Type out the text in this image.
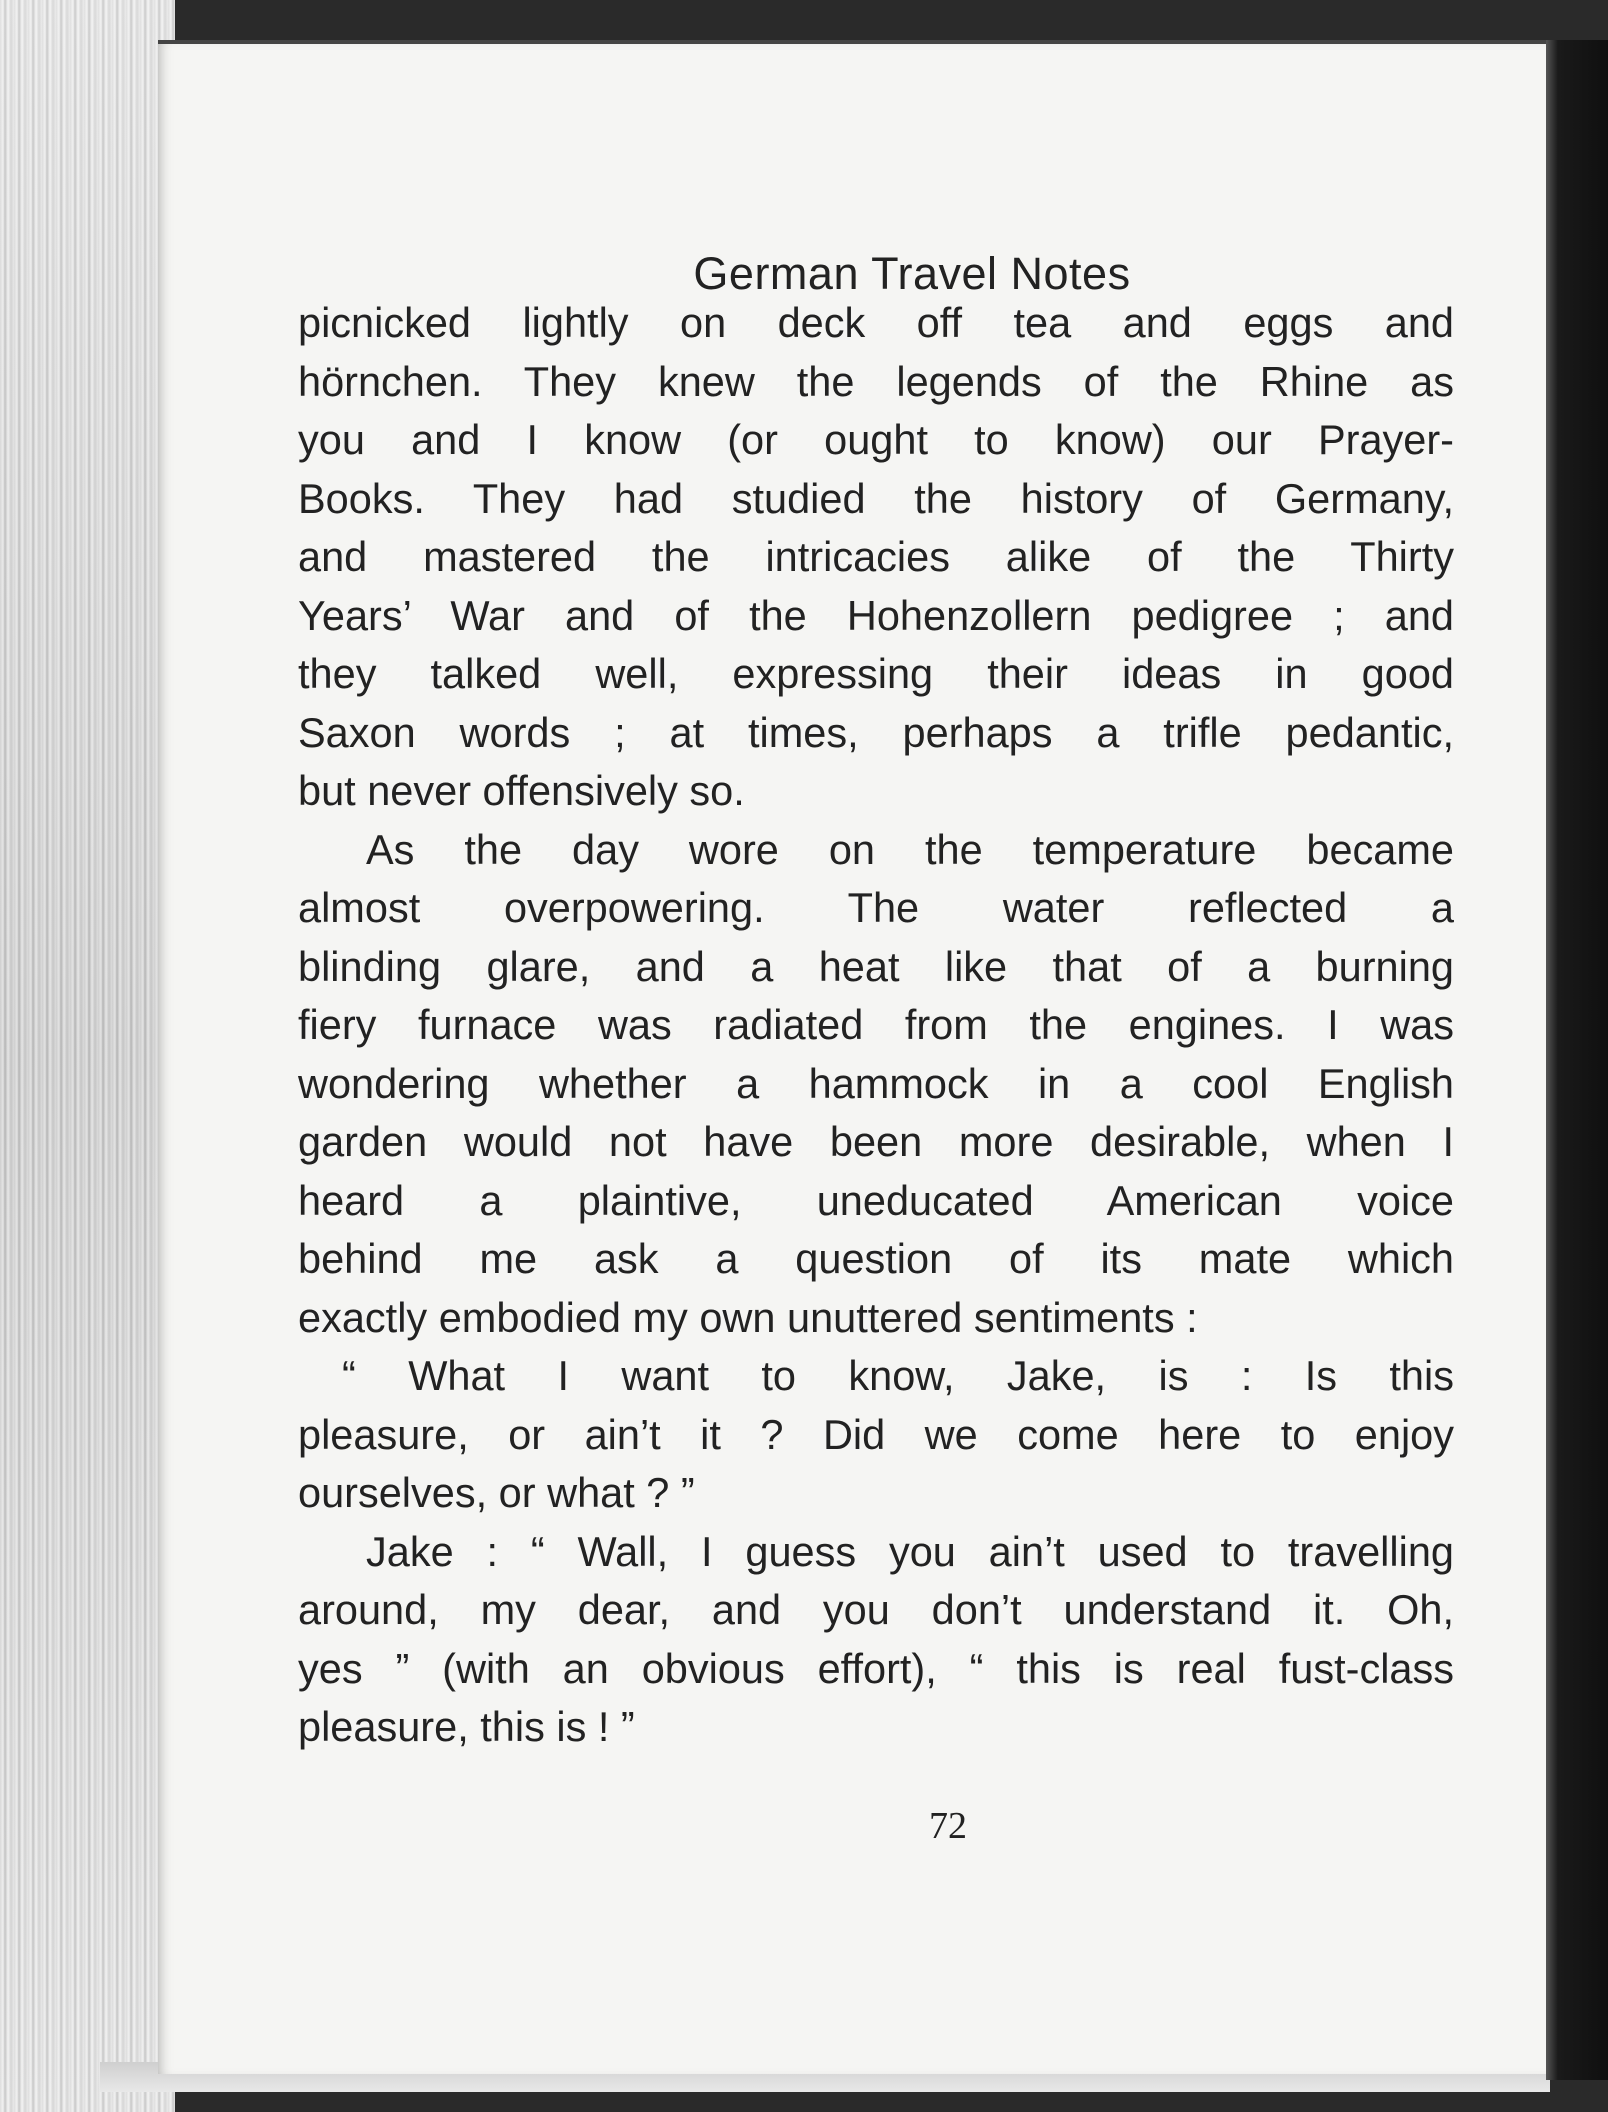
German Travel Notes
72
picnicked lightly on deck off tea and eggs and
hörnchen. They knew the legends of the Rhine as
you and I know (or ought to know) our Prayer-
Books. They had studied the history of Germany,
and mastered the intricacies alike of the Thirty
Years’ War and of the Hohenzollern pedigree ; and
they talked well, expressing their ideas in good
Saxon words ; at times, perhaps a trifle pedantic,
but never offensively so.
As the day wore on the temperature became
almost overpowering. The water reflected a
blinding glare, and a heat like that of a burning
fiery furnace was radiated from the engines. I was
wondering whether a hammock in a cool English
garden would not have been more desirable, when I
heard a plaintive, uneducated American voice
behind me ask a question of its mate which
exactly embodied my own unuttered sentiments :
“ What I want to know, Jake, is : Is this
pleasure, or ain’t it ? Did we come here to enjoy
ourselves, or what ? ”
Jake : “ Wall, I guess you ain’t used to travelling
around, my dear, and you don’t understand it. Oh,
yes ” (with an obvious effort), “ this is real fust-class
pleasure, this is ! ”
